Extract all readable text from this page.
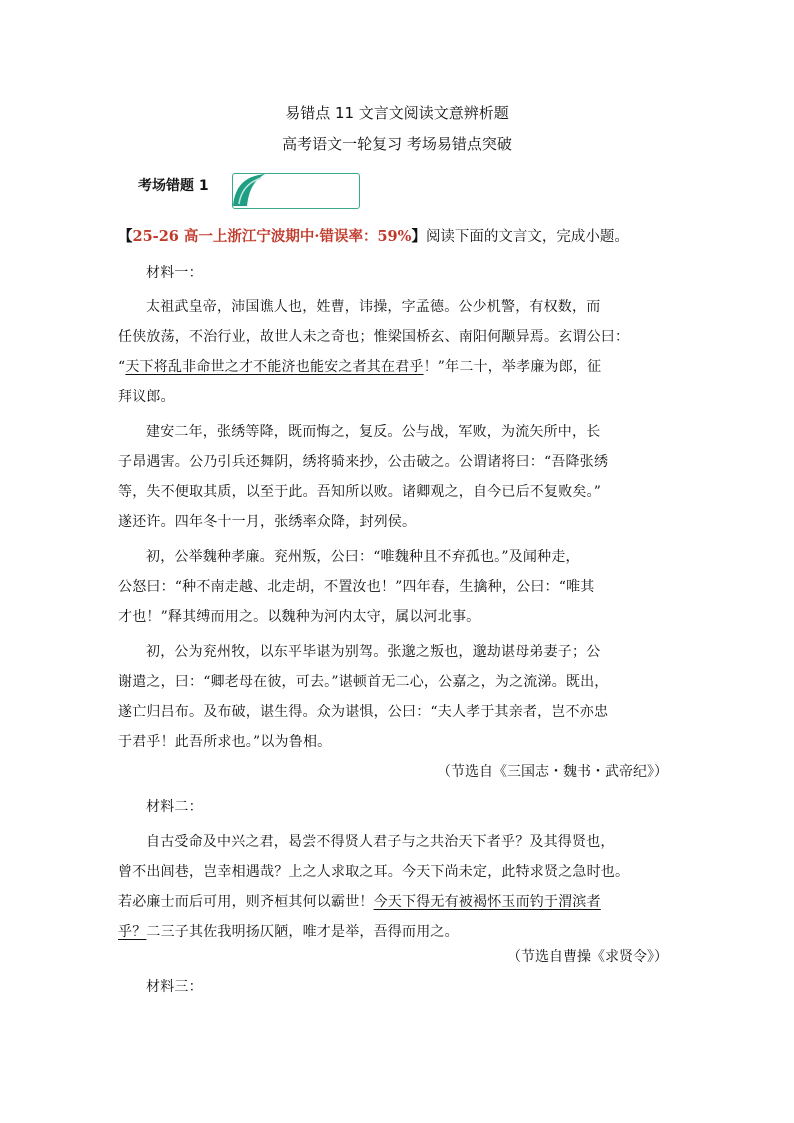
易错点 11 文言文阅读文意辨析题
高考语文一轮复习 考场易错点突破
考场错题 1
【25-26 高一上浙江宁波期中·错误率：59%】阅读下面的文言文，完成小题。
材料一：
太祖武皇帝，沛国谯人也，姓曹，讳操，字孟德。公少机警，有权数，而
任侠放荡，不治行业，故世人未之奇也；惟梁国桥玄、南阳何颙异焉。玄谓公曰：
“天下将乱非命世之才不能济也能安之者其在君乎！”年二十，举孝廉为郎，征
拜议郎。
建安二年，张绣等降，既而悔之，复反。公与战，军败，为流矢所中，长
子昂遇害。公乃引兵还舞阴，绣将骑来抄，公击破之。公谓诸将曰：“吾降张绣
等，失不便取其质，以至于此。吾知所以败。诸卿观之，自今已后不复败矣。”
遂还许。四年冬十一月，张绣率众降，封列侯。
初，公举魏种孝廉。兖州叛，公曰：“唯魏种且不弃孤也。”及闻种走，
公怒曰：“种不南走越、北走胡，不置汝也！”四年春，生擒种，公曰：“唯其
才也！”释其缚而用之。以魏种为河内太守，属以河北事。
初，公为兖州牧，以东平毕谌为别驾。张邈之叛也，邈劫谌母弟妻子；公
谢遣之，曰：“卿老母在彼，可去。”谌顿首无二心，公嘉之，为之流涕。既出，
遂亡归吕布。及布破，谌生得。众为谌惧，公曰：“夫人孝于其亲者，岂不亦忠
于君乎！此吾所求也。”以为鲁相。
（节选自《三国志・魏书・武帝纪》）
材料二：
自古受命及中兴之君，曷尝不得贤人君子与之共治天下者乎？及其得贤也，
曾不出闾巷，岂幸相遇哉？上之人求取之耳。今天下尚未定，此特求贤之急时也。
若必廉士而后可用，则齐桓其何以霸世！今天下得无有被褐怀玉而钓于渭滨者
乎？二三子其佐我明扬仄陋，唯才是举，吾得而用之。
（节选自曹操《求贤令》）
材料三：
